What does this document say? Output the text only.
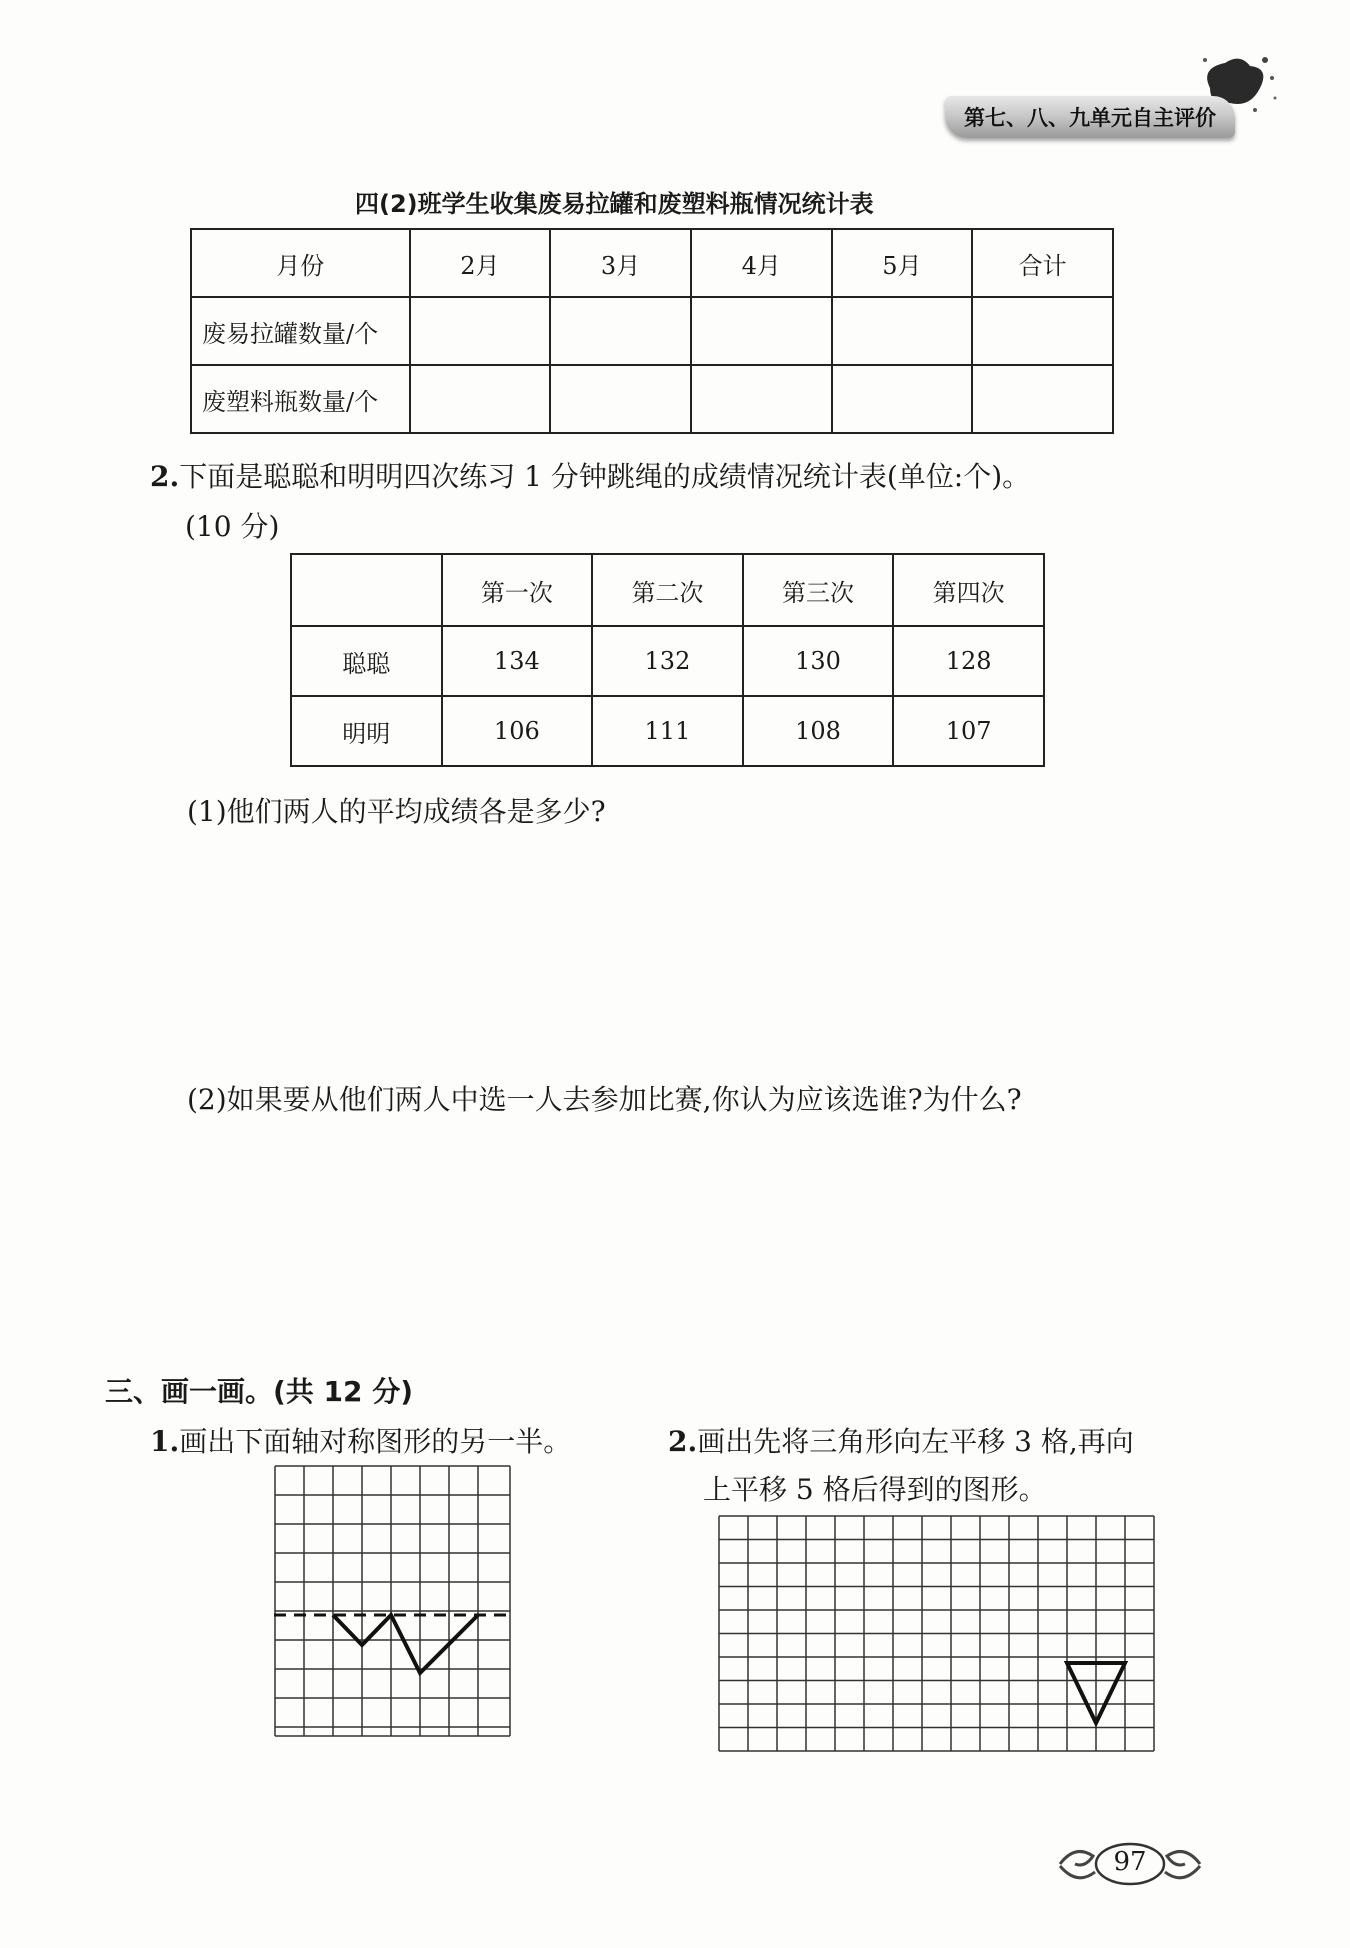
第七、八、九单元自主评价
四(2)班学生收集废易拉罐和废塑料瓶情况统计表
月份	2月	3月	4月	5月	合计
废易拉罐数量/个					
废塑料瓶数量/个					
2.下面是聪聪和明明四次练习 1 分钟跳绳的成绩情况统计表(单位:个)。
(10 分)
	第一次	第二次	第三次	第四次
聪聪	134	132	130	128
明明	106	111	108	107
(1)他们两人的平均成绩各是多少?
(2)如果要从他们两人中选一人去参加比赛,你认为应该选谁?为什么?
三、画一画。(共 12 分)
1.画出下面轴对称图形的另一半。	2.画出先将三角形向左平移 3 格,再向
上平移 5 格后得到的图形。
97
